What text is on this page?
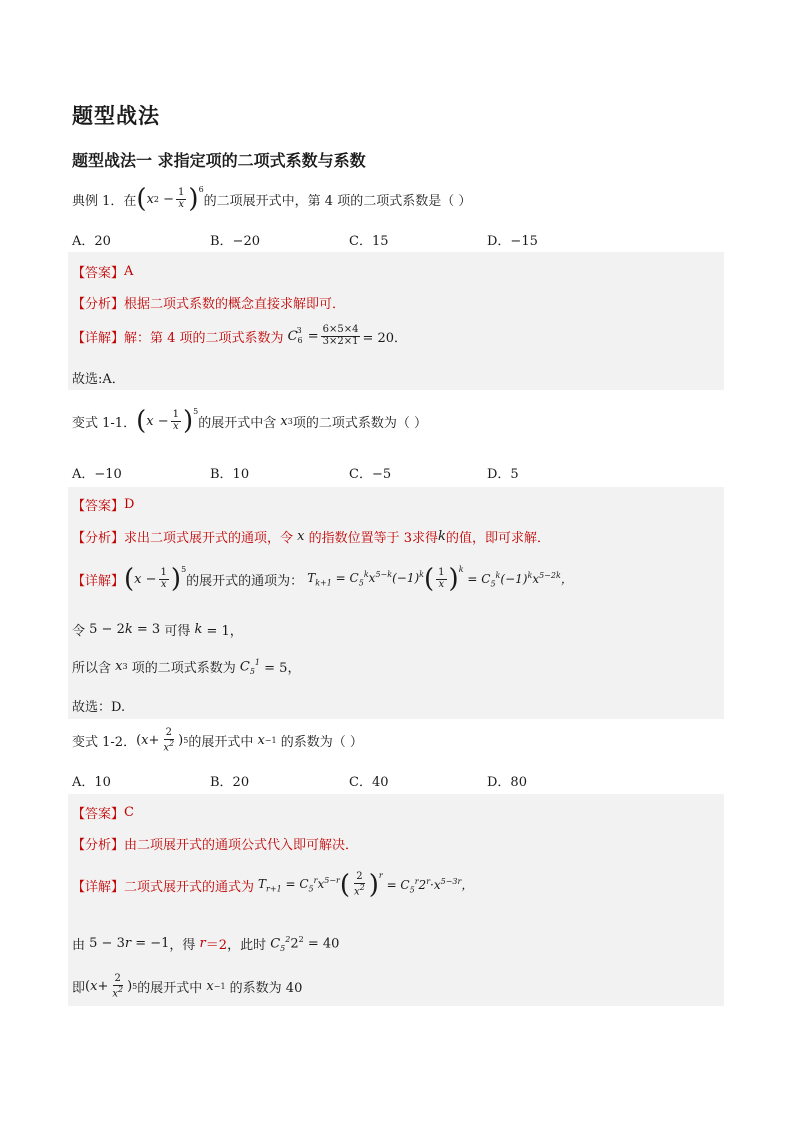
题型战法
题型战法一 求指定项的二项式系数与系数
典例 1．在 ( x $2 - \frac{1}{x} )^6$
的二项展开式中，第 4 项的二项式系数是（ ）
A．20	B．−20	C．15	D．−15
【答案】 A
【分析】 根据二项式系数的概念直接求解即可．
【详解】 解：第 4 项的二项式系数为 $C_6$
$^3 = \frac{6\times 5\times 4}{3\times 2\times 1} = 20$．
故选:A．
变式 1-1． ( $x - \frac{1}{x} )^5$
的展开式中含 x 3 项的二项式系数为（ ）
A．−10	B．10	C．−5	D．5
【答案】 D
【分析】 求出二项式展开式的通项，令 x 的指数位置等于 3求得 k 的值，即可求解．
【详解】 ( $x - \frac{1}{x} )^5$
的展开式的通项为： $T_{k+1} = C_5^kx^{5-k}(-1)^k$ ( $\frac{1}{x} )^k$
= $C_5^k(-1)^kx^{5-2k}$，
令 5 − 2 k = 3 可得 k = 1，
所以含 x 3
项的二项式系数为 $C_5^1 = 5$，
故选：D.
变式 1-2． ( $x + \frac{2}{x^2}$ ) 5 的展开式中 x −1
的系数为（ ）
A．10	B．20	C．40	D．80
【答案】 C
【分析】 由二项展开式的通项公式代入即可解决．
【详解】 二项式展开式的通式为 $T_{r+1} = C_5^rx^{5-r}$ ( $\frac{2}{x^2} )^r$
= $C_5^r2^r\cdot x^{5-3r}$，
由 5 − 3 r = −1 ，得 r ＝2 ，此时 $C_5^2$ $2^2 = 40$
即 ( $x + \frac{2}{x^2}$ ) 5 的展开式中 x −1
的系数为 40
